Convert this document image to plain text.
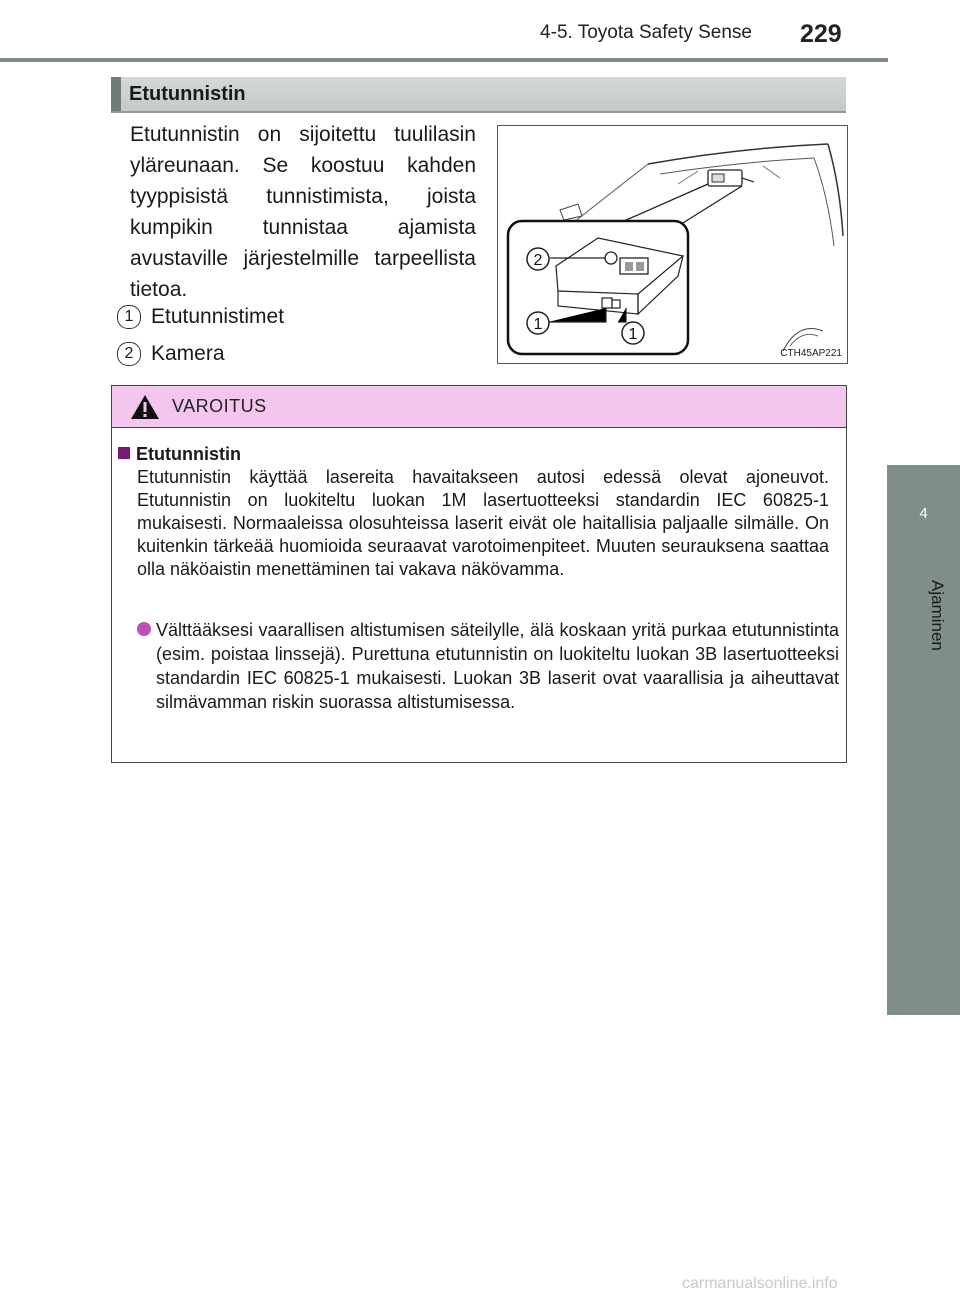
4-5. Toyota Safety Sense 229
4
Ajaminen
Etutunnistin
Etutunnistin on sijoitettu tuulilasin yläreunaan. Se koostuu kahden tyyppisistä tunnistimista, joista kumpikin tunnistaa ajamista avustaville järjestelmille tarpeellista tietoa.
1 Etutunnistimet
2 Kamera
2
1
1
CTH45AP221
VAROITUS
Etutunnistin
Etutunnistin käyttää lasereita havaitakseen autosi edessä olevat ajoneuvot. Etutunnistin on luokiteltu luokan 1M lasertuotteeksi standardin IEC 60825-1 mukaisesti. Normaaleissa olosuhteissa laserit eivät ole haitallisia paljaalle silmälle. On kuitenkin tärkeää huomioida seuraavat varotoimenpiteet. Muuten seurauksena saattaa olla näköaistin menettäminen tai vakava näkövamma.
Välttääksesi vaarallisen altistumisen säteilylle, älä koskaan yritä purkaa etutunnistinta (esim. poistaa linssejä). Purettuna etutunnistin on luokiteltu luokan 3B lasertuotteeksi standardin IEC 60825-1 mukaisesti. Luokan 3B laserit ovat vaarallisia ja aiheuttavat silmävamman riskin suorassa altistumisessa.
carmanualsonline.info
